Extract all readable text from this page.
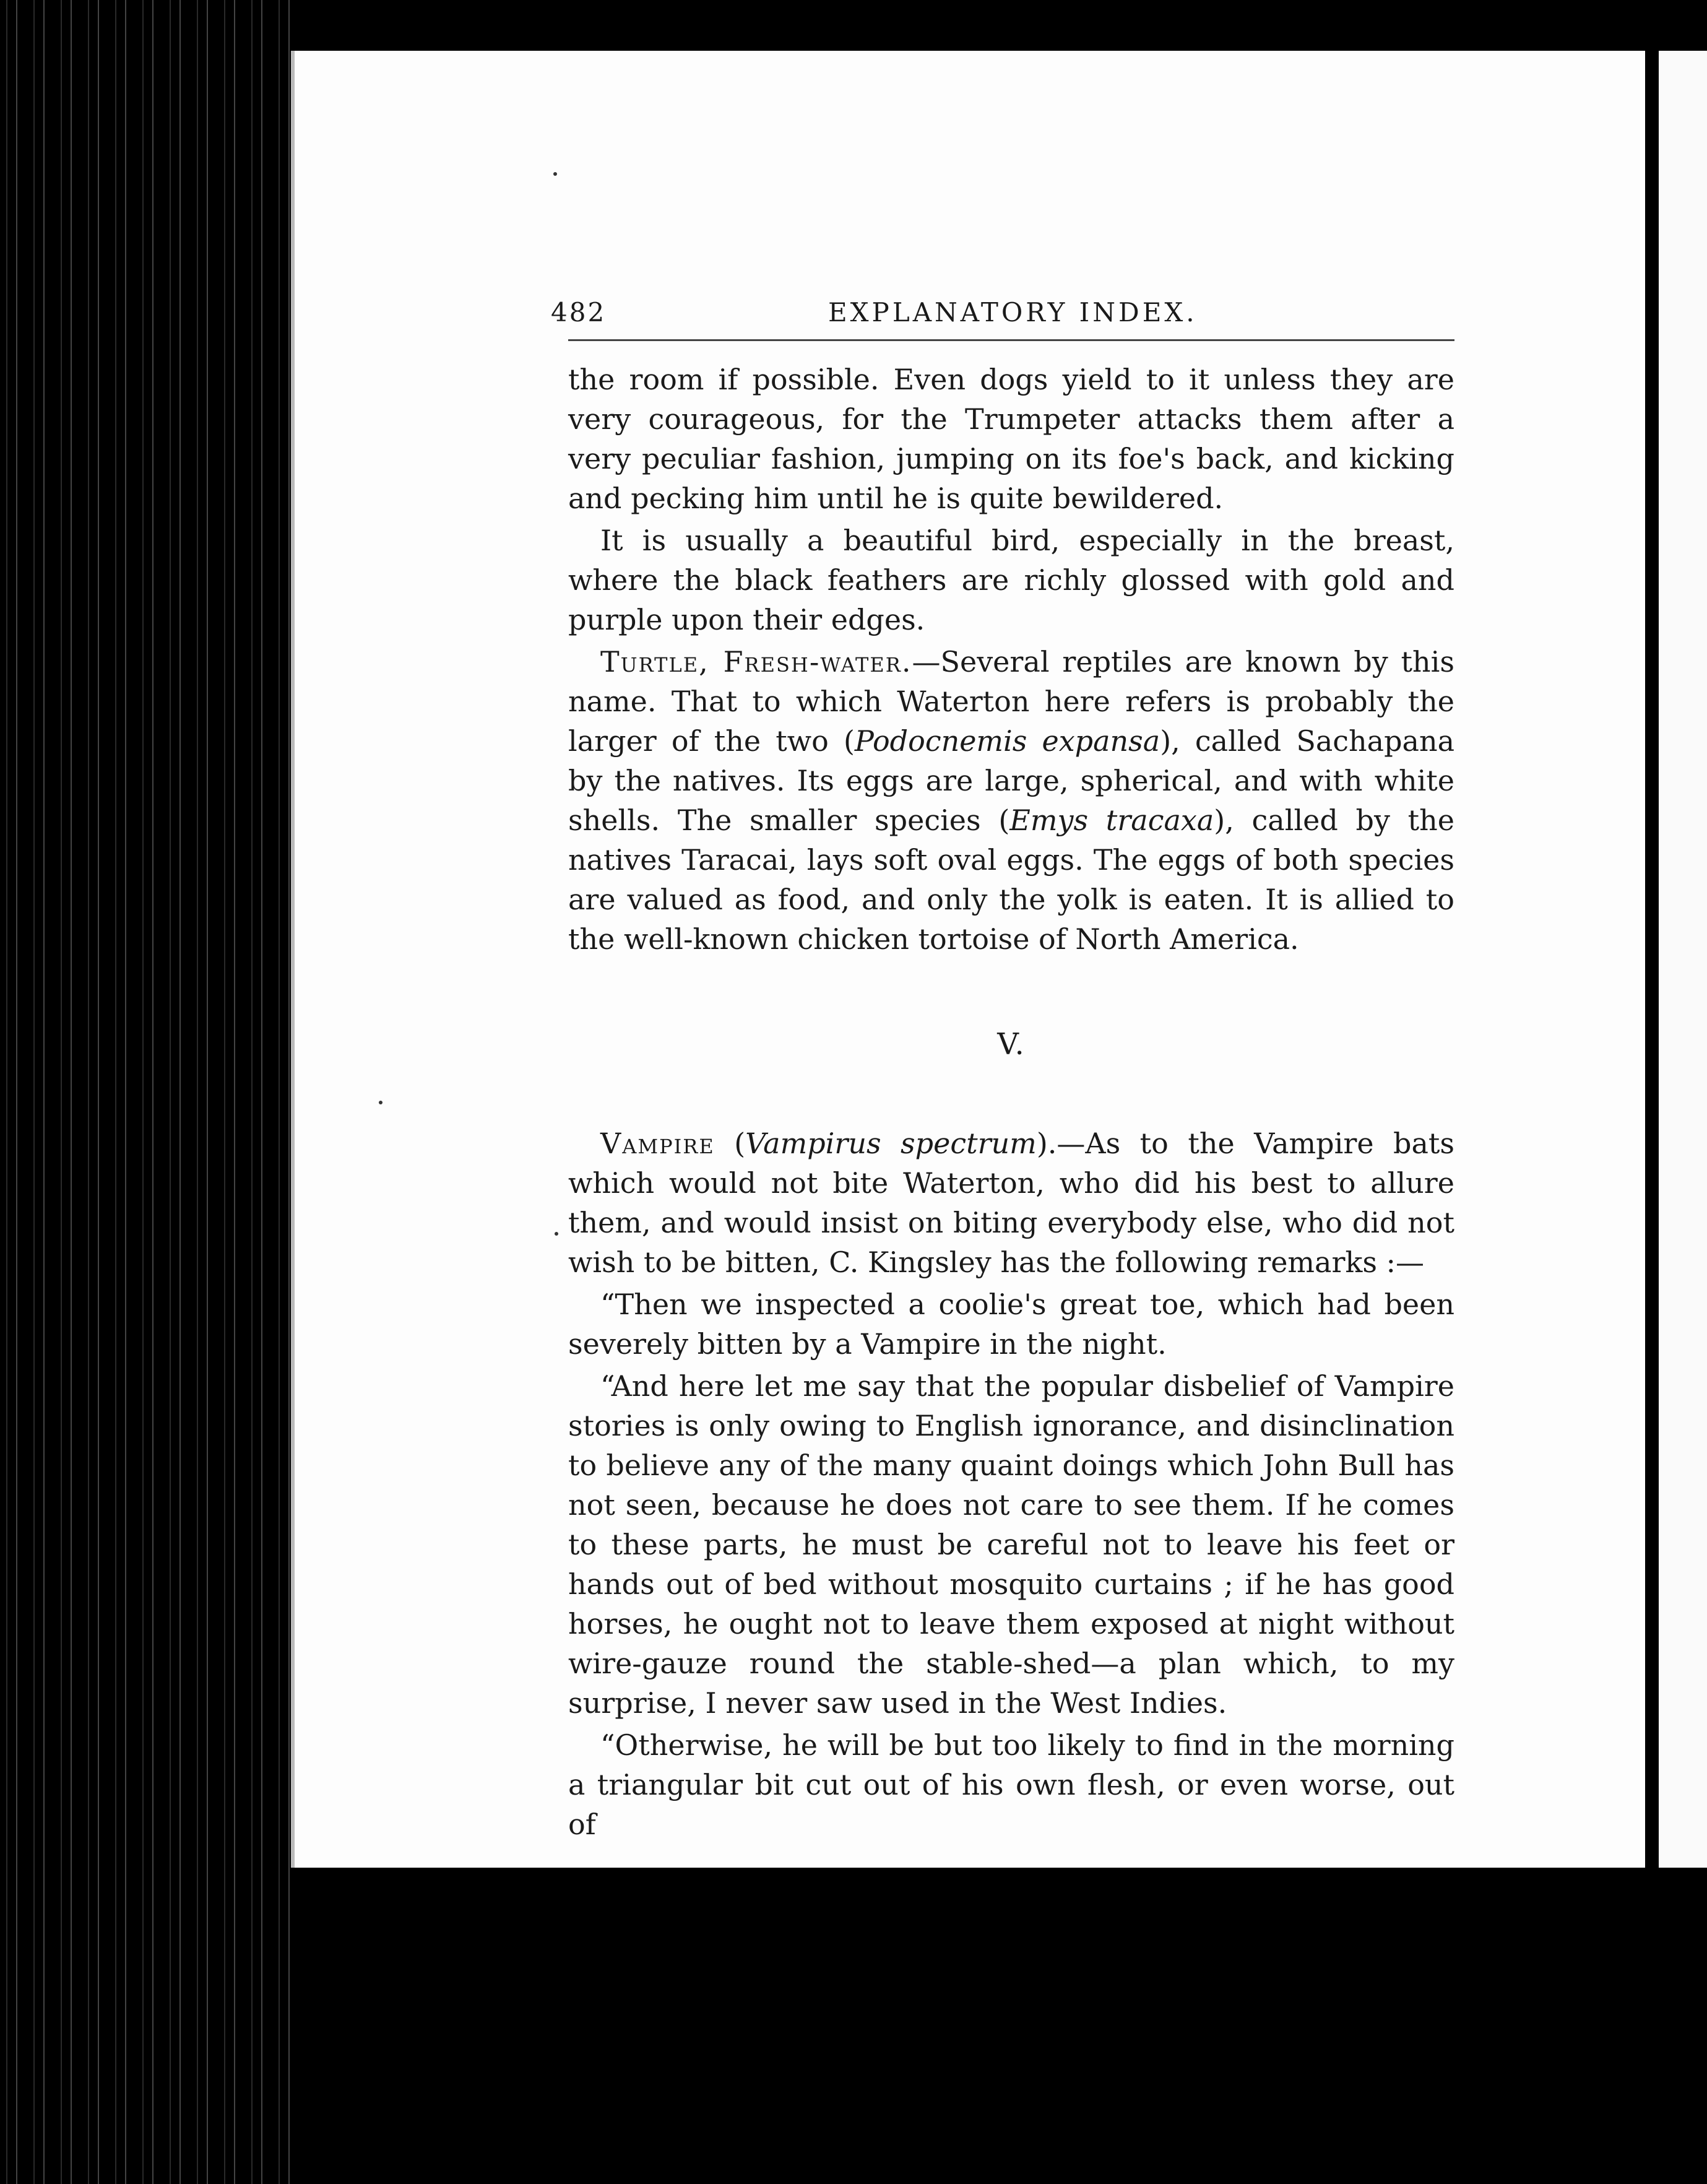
482	EXPLANATORY INDEX.

the room if possible. Even dogs yield to it unless they are very courageous, for the Trumpeter attacks them after a very peculiar fashion, jumping on its foe's back, and kicking and pecking him until he is quite bewildered.

It is usually a beautiful bird, especially in the breast, where the black feathers are richly glossed with gold and purple upon their edges.

Turtle, Fresh-water.—Several reptiles are known by this name. That to which Waterton here refers is probably the larger of the two (Podocnemis expansa), called Sachapana by the natives. Its eggs are large, spherical, and with white shells. The smaller species (Emys tracaxa), called by the natives Taracai, lays soft oval eggs. The eggs of both species are valued as food, and only the yolk is eaten. It is allied to the well-known chicken tortoise of North America.

V.

Vampire (Vampirus spectrum).—As to the Vampire bats which would not bite Waterton, who did his best to allure them, and would insist on biting everybody else, who did not wish to be bitten, C. Kingsley has the following remarks :—

“Then we inspected a coolie's great toe, which had been severely bitten by a Vampire in the night.

“And here let me say that the popular disbelief of Vampire stories is only owing to English ignorance, and disinclination to believe any of the many quaint doings which John Bull has not seen, because he does not care to see them. If he comes to these parts, he must be careful not to leave his feet or hands out of bed without mosquito curtains ; if he has good horses, he ought not to leave them exposed at night without wire-gauze round the stable-shed—a plan which, to my surprise, I never saw used in the West Indies.

“Otherwise, he will be but too likely to find in the morning a triangular bit cut out of his own flesh, or even worse, out of
